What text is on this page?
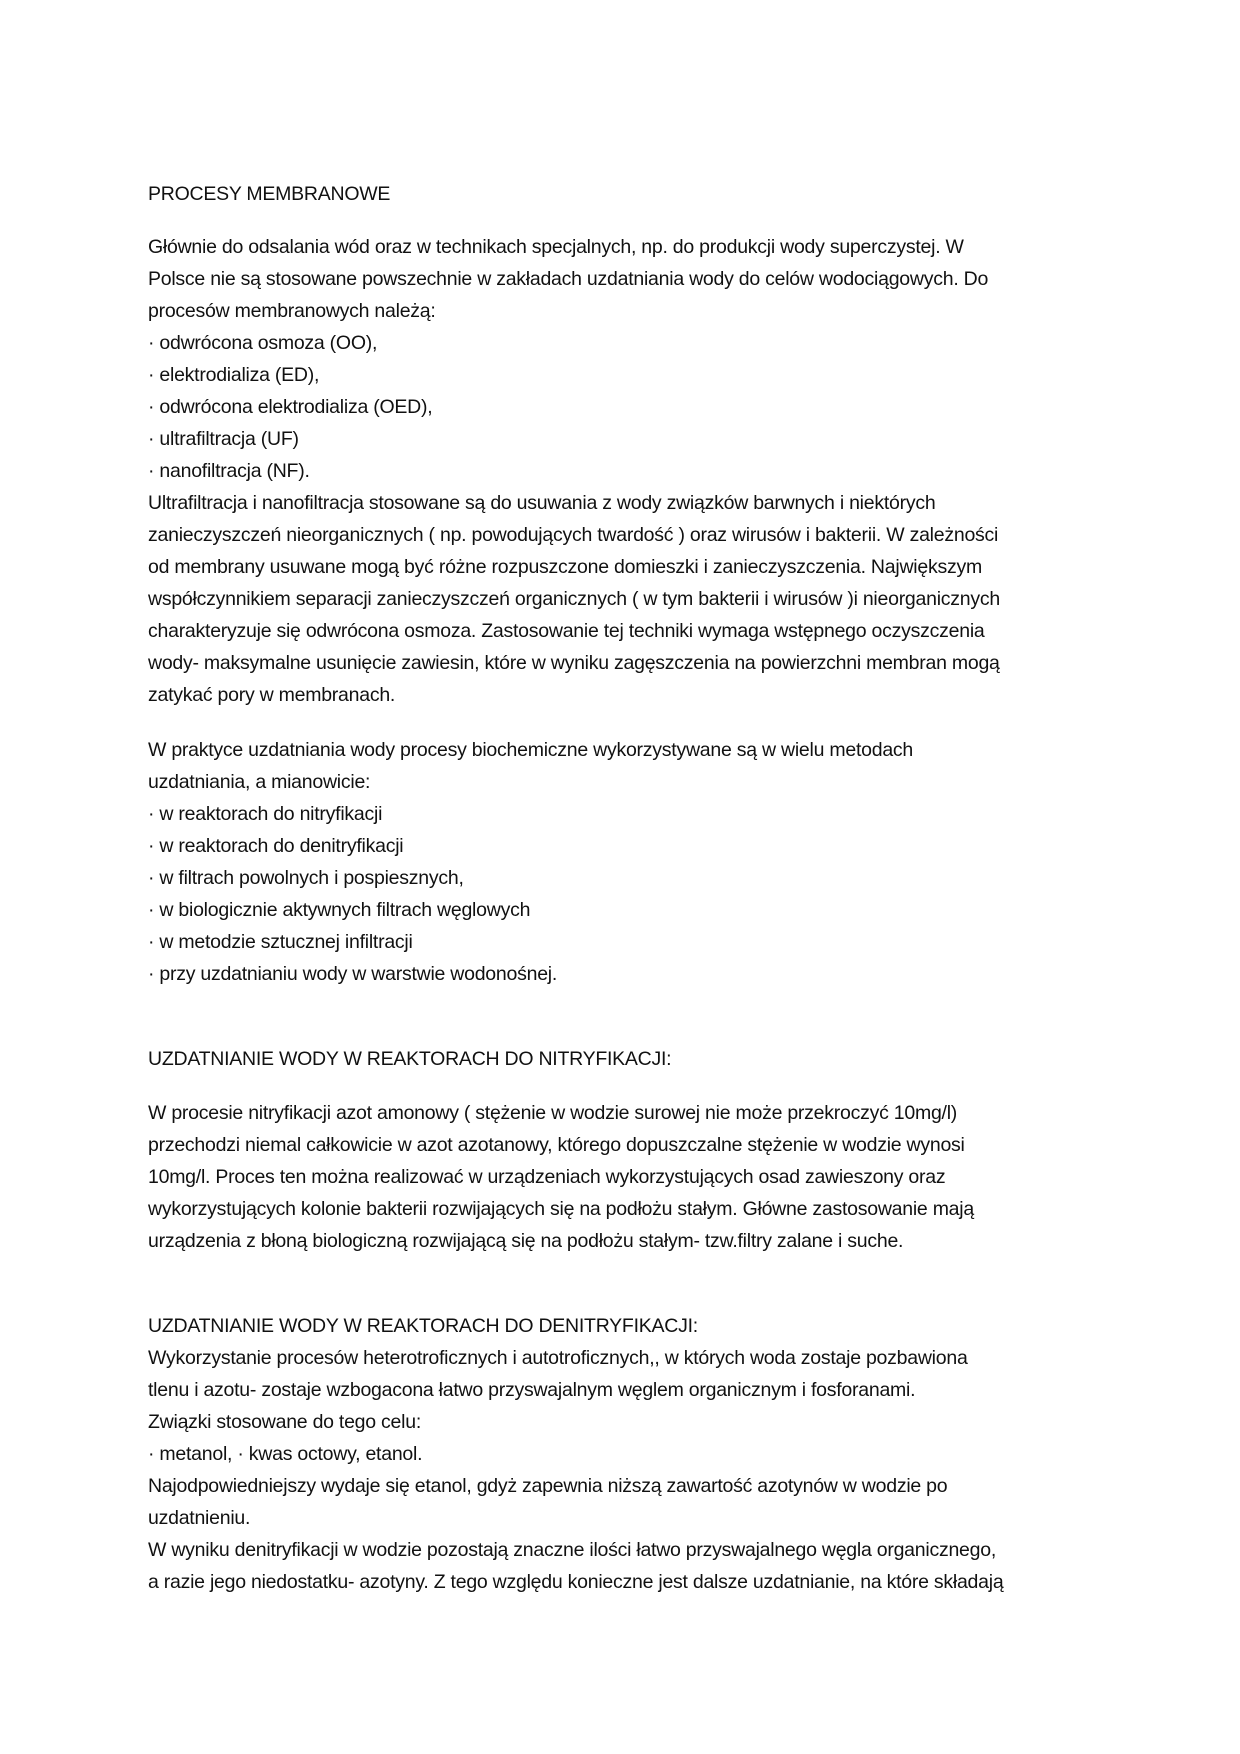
PROCESY MEMBRANOWE
Głównie do odsalania wód oraz w technikach specjalnych, np. do produkcji wody superczystej. W
Polsce nie są stosowane powszechnie w zakładach uzdatniania wody do celów wodociągowych. Do
procesów membranowych należą:
· odwrócona osmoza (OO),
· elektrodializa (ED),
· odwrócona elektrodializa (OED),
· ultrafiltracja (UF)
· nanofiltracja (NF).
Ultrafiltracja i nanofiltracja stosowane są do usuwania z wody związków barwnych i niektórych
zanieczyszczeń nieorganicznych ( np. powodujących twardość ) oraz wirusów i bakterii. W zależności
od membrany usuwane mogą być różne rozpuszczone domieszki i zanieczyszczenia. Największym
współczynnikiem separacji zanieczyszczeń organicznych ( w tym bakterii i wirusów )i nieorganicznych
charakteryzuje się odwrócona osmoza. Zastosowanie tej techniki wymaga wstępnego oczyszczenia
wody- maksymalne usunięcie zawiesin, które w wyniku zagęszczenia na powierzchni membran mogą
zatykać pory w membranach.
W praktyce uzdatniania wody procesy biochemiczne wykorzystywane są w wielu metodach
uzdatniania, a mianowicie:
· w reaktorach do nitryfikacji
· w reaktorach do denitryfikacji
· w filtrach powolnych i pospiesznych,
· w biologicznie aktywnych filtrach węglowych
· w metodzie sztucznej infiltracji
· przy uzdatnianiu wody w warstwie wodonośnej.
UZDATNIANIE WODY W REAKTORACH DO NITRYFIKACJI:
W procesie nitryfikacji azot amonowy ( stężenie w wodzie surowej nie może przekroczyć 10mg/l)
przechodzi niemal całkowicie w azot azotanowy, którego dopuszczalne stężenie w wodzie wynosi
10mg/l. Proces ten można realizować w urządzeniach wykorzystujących osad zawieszony oraz
wykorzystujących kolonie bakterii rozwijających się na podłożu stałym. Główne zastosowanie mają
urządzenia z błoną biologiczną rozwijającą się na podłożu stałym- tzw.filtry zalane i suche.
UZDATNIANIE WODY W REAKTORACH DO DENITRYFIKACJI:
Wykorzystanie procesów heterotroficznych i autotroficznych,, w których woda zostaje pozbawiona
tlenu i azotu- zostaje wzbogacona łatwo przyswajalnym węglem organicznym i fosforanami.
Związki stosowane do tego celu:
· metanol, · kwas octowy, etanol.
Najodpowiedniejszy wydaje się etanol, gdyż zapewnia niższą zawartość azotynów w wodzie po
uzdatnieniu.
W wyniku denitryfikacji w wodzie pozostają znaczne ilości łatwo przyswajalnego węgla organicznego,
a razie jego niedostatku- azotyny. Z tego względu konieczne jest dalsze uzdatnianie, na które składają
